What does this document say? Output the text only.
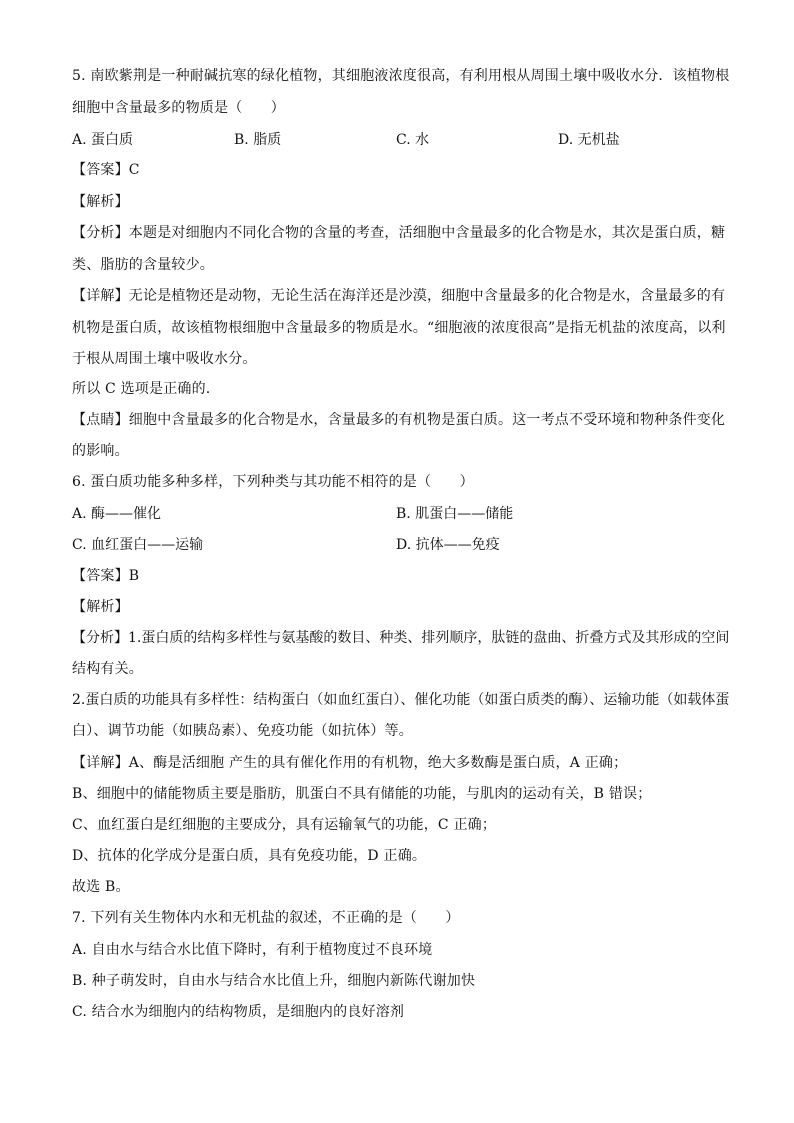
5. 南欧紫荆是一种耐碱抗寒的绿化植物，其细胞液浓度很高，有利用根从周围土壤中吸收水分．该植物根
细胞中含量最多的物质是（　　）
A. 蛋白质	B. 脂质	C. 水	D. 无机盐
【答案】C
【解析】
【分析】本题是对细胞内不同化合物的含量的考查，活细胞中含量最多的化合物是水，其次是蛋白质，糖
类、脂肪的含量较少。
【详解】无论是植物还是动物，无论生活在海洋还是沙漠，细胞中含量最多的化合物是水，含量最多的有
机物是蛋白质，故该植物根细胞中含量最多的物质是水。“细胞液的浓度很高”是指无机盐的浓度高，以利
于根从周围土壤中吸收水分。
所以 C 选项是正确的.
【点睛】细胞中含量最多的化合物是水，含量最多的有机物是蛋白质。这一考点不受环境和物种条件变化
的影响。
6. 蛋白质功能多种多样，下列种类与其功能不相符的是（　　）
A. 酶——催化	B. 肌蛋白——储能
C. 血红蛋白——运输	D. 抗体——免疫
【答案】B
【解析】
【分析】1.蛋白质的结构多样性与氨基酸的数目、种类、排列顺序，肽链的盘曲、折叠方式及其形成的空间
结构有关。
2.蛋白质的功能具有多样性：结构蛋白（如血红蛋白）、催化功能（如蛋白质类的酶）、运输功能（如载体蛋
白）、调节功能（如胰岛素）、免疫功能（如抗体）等。
【详解】A、酶是活细胞 产生的具有催化作用的有机物，绝大多数酶是蛋白质，A 正确；
B、细胞中的储能物质主要是脂肪，肌蛋白不具有储能的功能，与肌肉的运动有关，B 错误；
C、血红蛋白是红细胞的主要成分，具有运输氧气的功能，C 正确；
D、抗体的化学成分是蛋白质，具有免疫功能，D 正确。
故选 B。
7. 下列有关生物体内水和无机盐的叙述，不正确的是（　　）
A. 自由水与结合水比值下降时，有利于植物度过不良环境
B. 种子萌发时，自由水与结合水比值上升，细胞内新陈代谢加快
C. 结合水为细胞内的结构物质，是细胞内的良好溶剂
